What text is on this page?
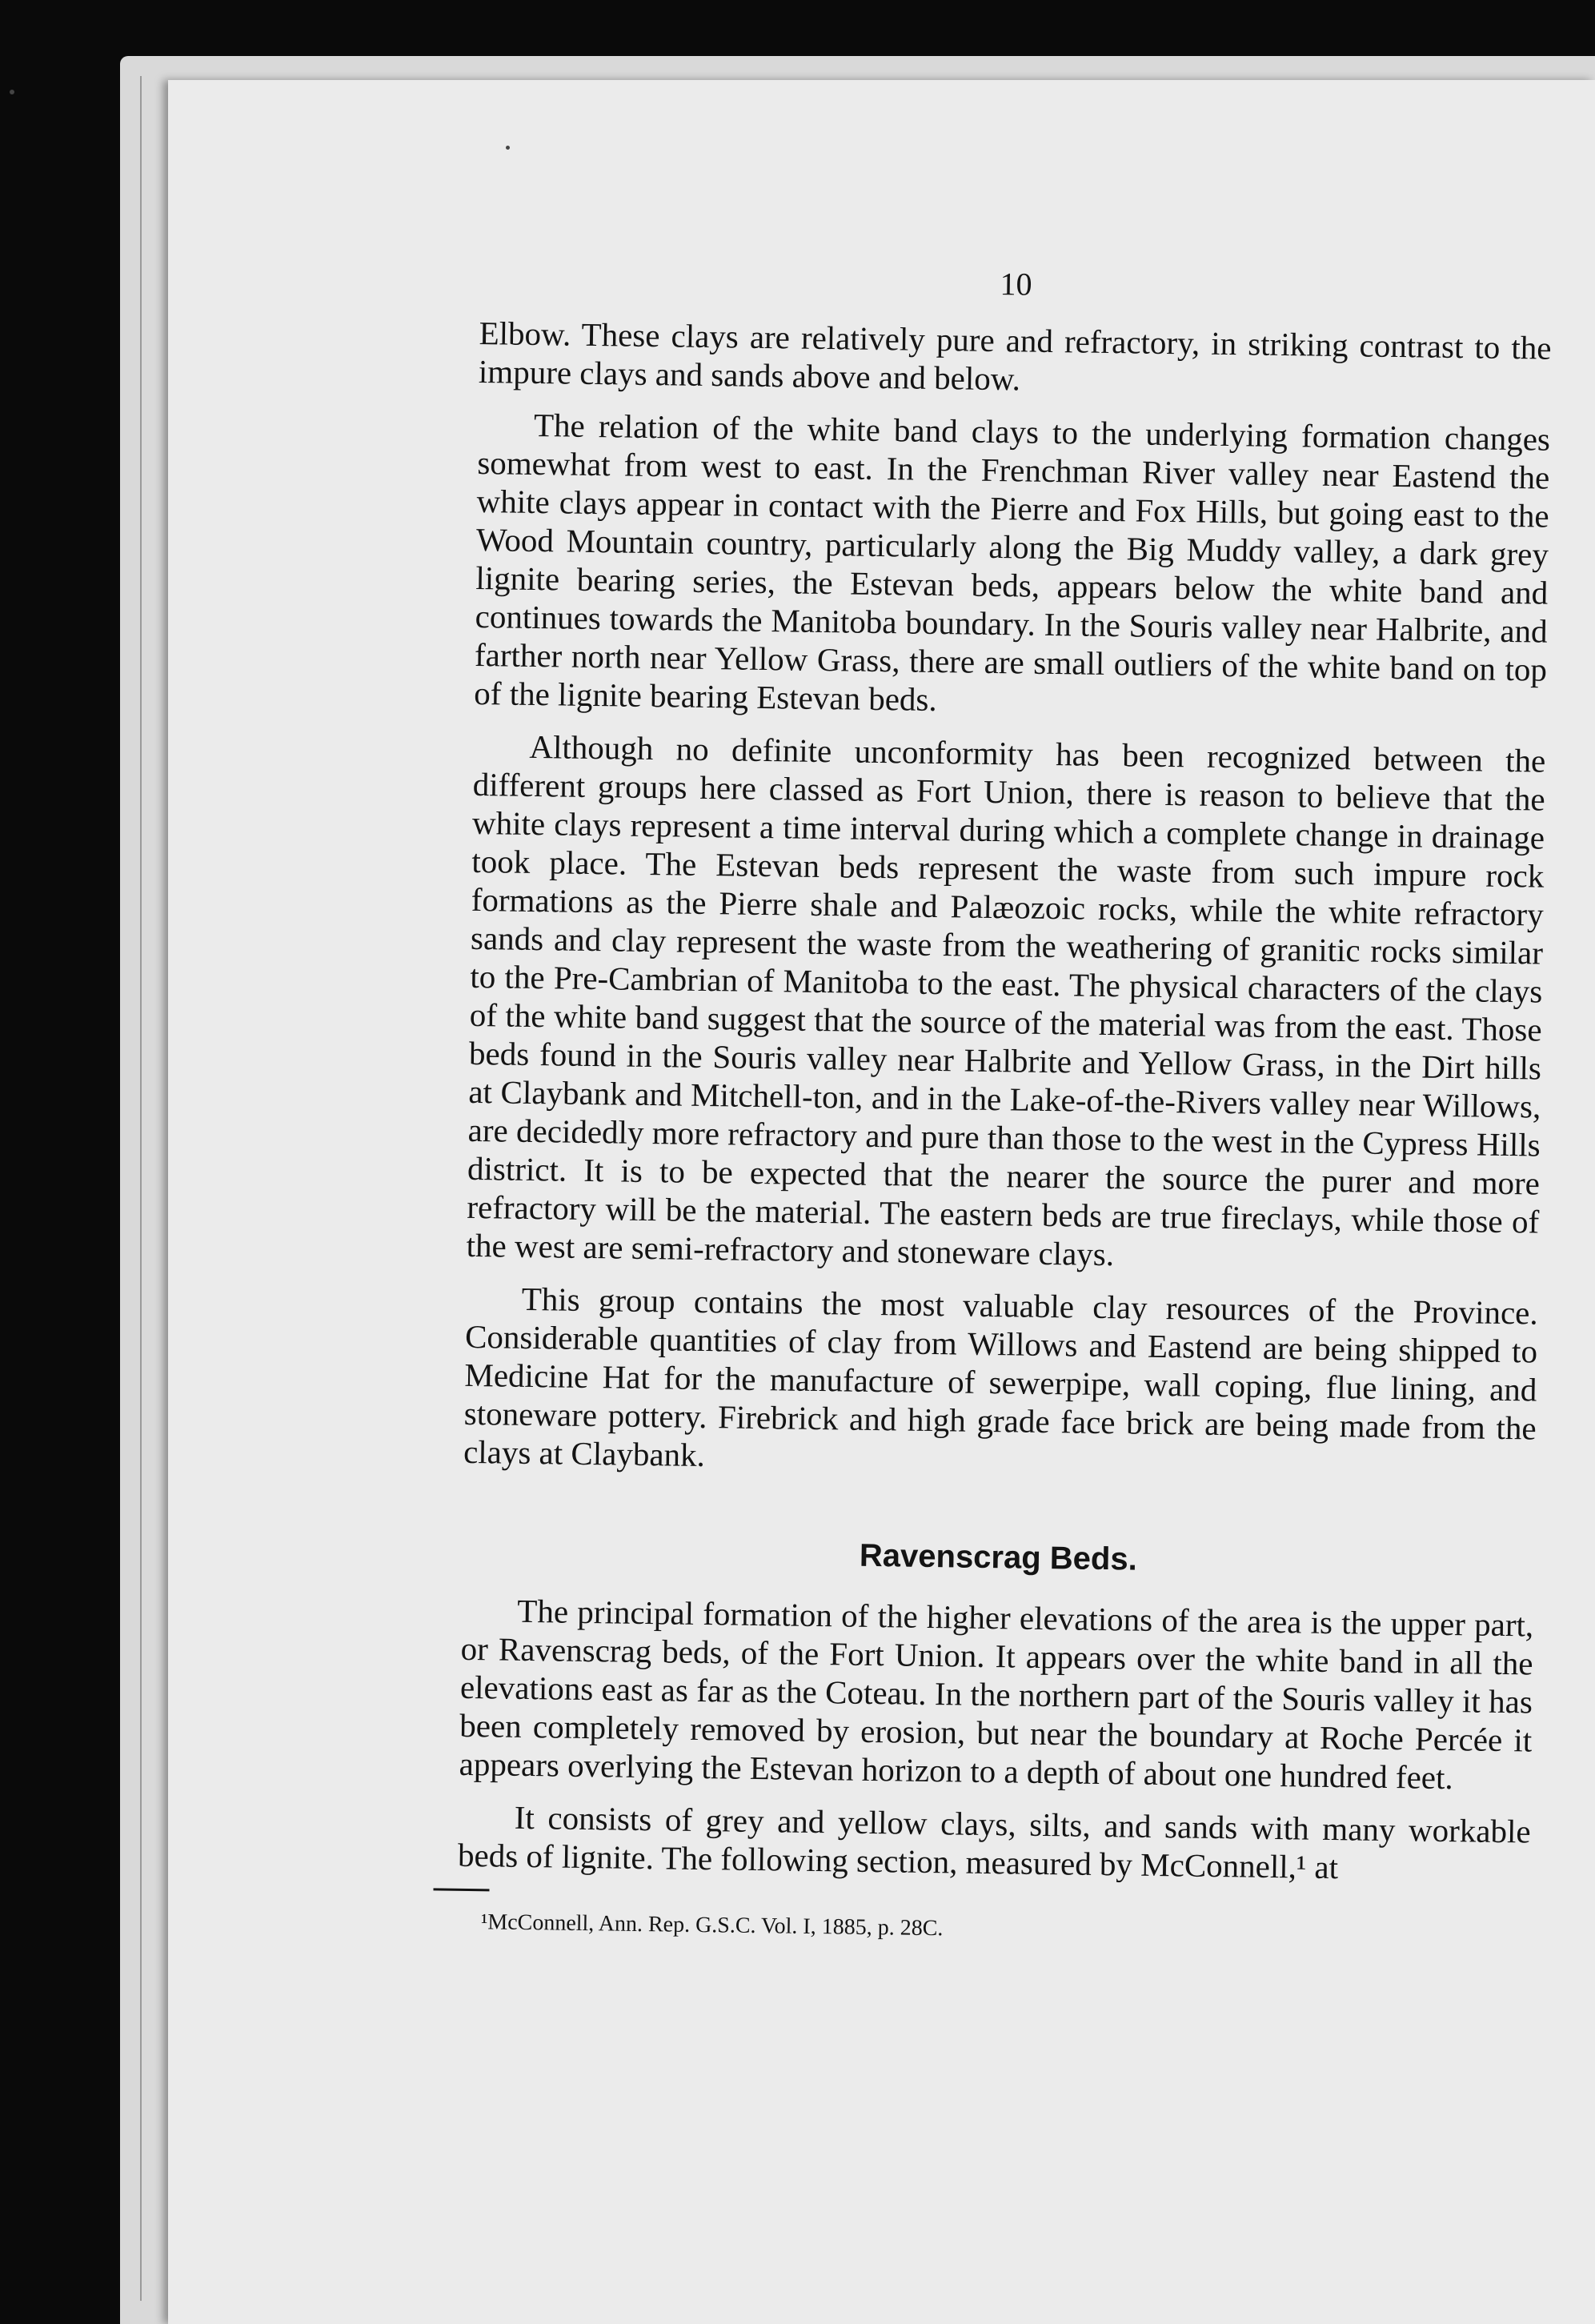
10

Elbow. These clays are relatively pure and refractory, in striking contrast to the impure clays and sands above and below.

The relation of the white band clays to the underlying formation changes somewhat from west to east. In the Frenchman River valley near Eastend the white clays appear in contact with the Pierre and Fox Hills, but going east to the Wood Mountain country, particularly along the Big Muddy valley, a dark grey lignite bearing series, the Estevan beds, appears below the white band and continues towards the Manitoba boundary. In the Souris valley near Halbrite, and farther north near Yellow Grass, there are small outliers of the white band on top of the lignite bearing Estevan beds.

Although no definite unconformity has been recognized between the different groups here classed as Fort Union, there is reason to believe that the white clays represent a time interval during which a complete change in drainage took place. The Estevan beds represent the waste from such impure rock formations as the Pierre shale and Palæozoic rocks, while the white refractory sands and clay represent the waste from the weathering of granitic rocks similar to the Pre-Cambrian of Manitoba to the east. The physical characters of the clays of the white band suggest that the source of the material was from the east. Those beds found in the Souris valley near Halbrite and Yellow Grass, in the Dirt hills at Claybank and Mitchell-ton, and in the Lake-of-the-Rivers valley near Willows, are decidedly more refractory and pure than those to the west in the Cypress Hills district. It is to be expected that the nearer the source the purer and more refractory will be the material. The eastern beds are true fireclays, while those of the west are semi-refractory and stoneware clays.

This group contains the most valuable clay resources of the Province. Considerable quantities of clay from Willows and Eastend are being shipped to Medicine Hat for the manufacture of sewerpipe, wall coping, flue lining, and stoneware pottery. Firebrick and high grade face brick are being made from the clays at Claybank.

Ravenscrag Beds.

The principal formation of the higher elevations of the area is the upper part, or Ravenscrag beds, of the Fort Union. It appears over the white band in all the elevations east as far as the Coteau. In the northern part of the Souris valley it has been completely removed by erosion, but near the boundary at Roche Percée it appears overlying the Estevan horizon to a depth of about one hundred feet.

It consists of grey and yellow clays, silts, and sands with many workable beds of lignite. The following section, measured by McConnell,¹ at

¹McConnell, Ann. Rep. G.S.C. Vol. I, 1885, p. 28C.
